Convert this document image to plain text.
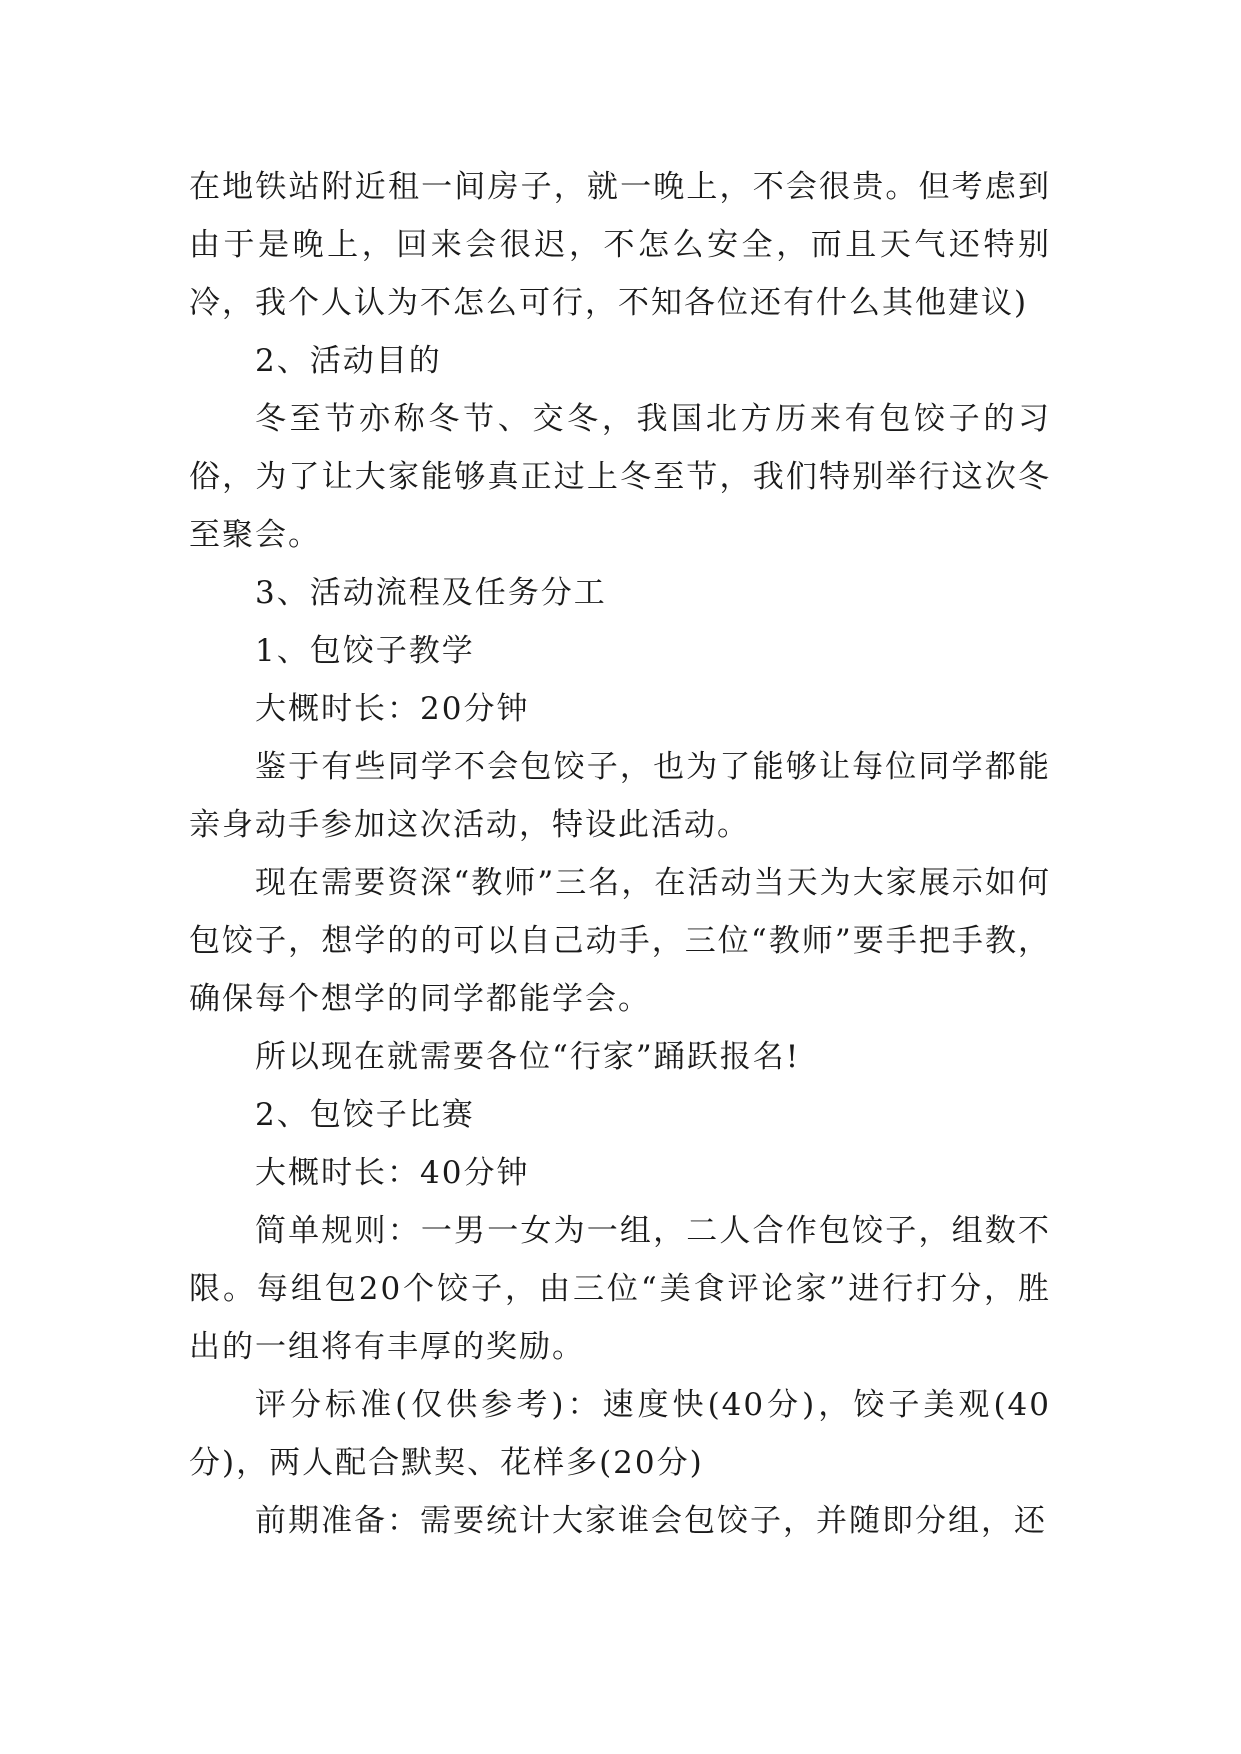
在地铁站附近租一间房子，就一晚上，不会很贵。但考虑到由于是晚上，回来会很迟，不怎么安全，而且天气还特别冷，我个人认为不怎么可行，不知各位还有什么其他建议)

2、活动目的

冬至节亦称冬节、交冬，我国北方历来有包饺子的习俗，为了让大家能够真正过上冬至节，我们特别举行这次冬至聚会。

3、活动流程及任务分工

1、包饺子教学

大概时长：20分钟

鉴于有些同学不会包饺子，也为了能够让每位同学都能亲身动手参加这次活动，特设此活动。

现在需要资深“教师”三名，在活动当天为大家展示如何包饺子，想学的的可以自己动手，三位“教师”要手把手教，确保每个想学的同学都能学会。

所以现在就需要各位“行家”踊跃报名!

2、包饺子比赛

大概时长：40分钟

简单规则：一男一女为一组，二人合作包饺子，组数不限。每组包20个饺子，由三位“美食评论家”进行打分，胜出的一组将有丰厚的奖励。

评分标准(仅供参考)：速度快(40分)，饺子美观(40分)，两人配合默契、花样多(20分)

前期准备：需要统计大家谁会包饺子，并随即分组，还
